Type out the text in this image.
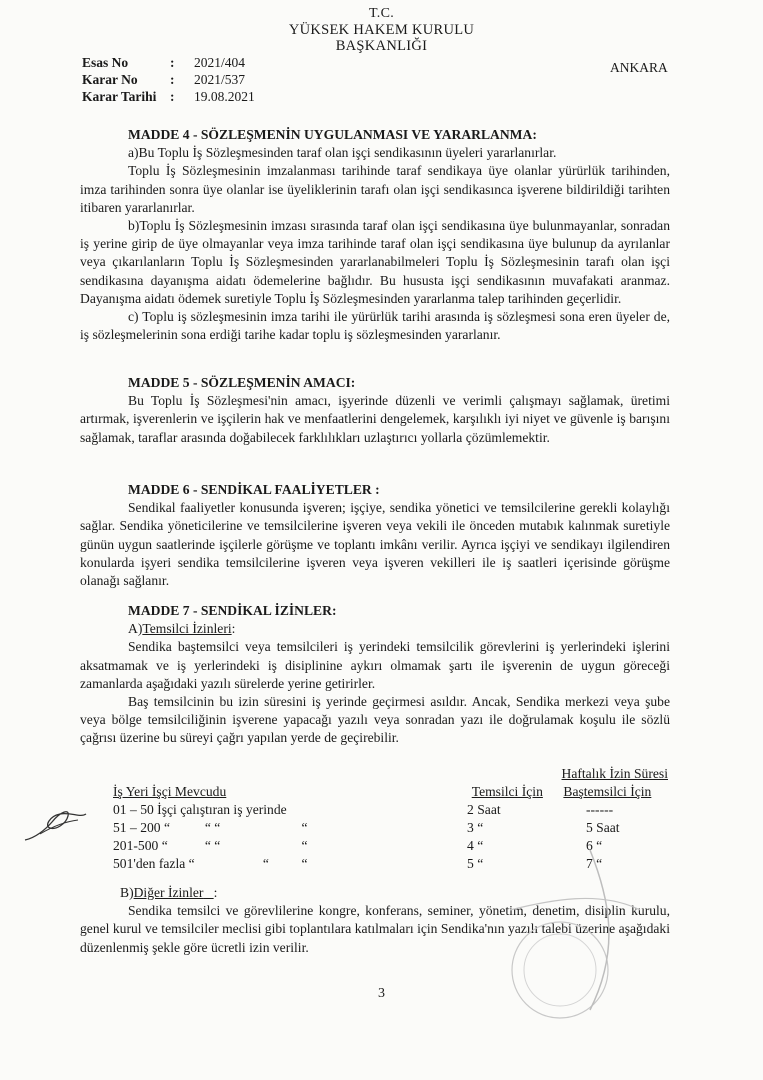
T.C.
YÜKSEK HAKEM KURULU
BAŞKANLIĞI
Esas No	:	2021/404
Karar No	:	2021/537
Karar Tarihi	:	19.08.2021
ANKARA

MADDE 4 - SÖZLEŞMENİN UYGULANMASI VE YARARLANMA:

a)Bu Toplu İş Sözleşmesinden taraf olan işçi sendikasının üyeleri yararlanırlar.

Toplu İş Sözleşmesinin imzalanması tarihinde taraf sendikaya üye olanlar yürürlük tarihinden, imza tarihinden sonra üye olanlar ise üyeliklerinin tarafı olan işçi sendikasınca işverene bildirildiği tarihten itibaren yararlanırlar.

b)Toplu İş Sözleşmesinin imzası sırasında taraf olan işçi sendikasına üye bulunmayanlar, sonradan iş yerine girip de üye olmayanlar veya imza tarihinde taraf olan işçi sendikasına üye bulunup da ayrılanlar veya çıkarılanların Toplu İş Sözleşmesinden yararlanabilmeleri Toplu İş Sözleşmesinin tarafı olan işçi sendikasına dayanışma aidatı ödemelerine bağlıdır. Bu hususta işçi sendikasının muvafakati aranmaz. Dayanışma aidatı ödemek suretiyle Toplu İş Sözleşmesinden yararlanma talep tarihinden geçerlidir.

c) Toplu iş sözleşmesinin imza tarihi ile yürürlük tarihi arasında iş sözleşmesi sona eren üyeler de, iş sözleşmelerinin sona erdiği tarihe kadar toplu iş sözleşmesinden yararlanır.

MADDE 5 - SÖZLEŞMENİN AMACI:

Bu Toplu İş Sözleşmesi'nin amacı, işyerinde düzenli ve verimli çalışmayı sağlamak, üretimi artırmak, işverenlerin ve işçilerin hak ve menfaatlerini dengelemek, karşılıklı iyi niyet ve güvenle iş barışını sağlamak, taraflar arasında doğabilecek farklılıkları uzlaştırıcı yollarla çözümlemektir.

MADDE 6 - SENDİKAL FAALİYETLER :

Sendikal faaliyetler konusunda işveren; işçiye, sendika yönetici ve temsilcilerine gerekli kolaylığı sağlar. Sendika yöneticilerine ve temsilcilerine işveren veya vekili ile önceden mutabık kalınmak suretiyle günün uygun saatlerinde işçilerle görüşme ve toplantı imkânı verilir. Ayrıca işçiyi ve sendikayı ilgilendiren konularda işyeri sendika temsilcilerine işveren veya işveren vekilleri ile iş saatleri içerisinde görüşme olanağı sağlanır.

MADDE 7 - SENDİKAL İZİNLER:

A)Temsilci İzinleri:

Sendika baştemsilci veya temsilcileri iş yerindeki temsilcilik görevlerini iş yerlerindeki işlerini aksatmamak ve iş yerlerindeki iş disiplinine aykırı olmamak şartı ile işverenin de uygun göreceği zamanlarda aşağıdaki yazılı sürelerde yerine getirirler.

Baş temsilcinin bu izin süresini iş yerinde geçirmesi asıldır. Ancak, Sendika merkezi veya şube veya bölge temsilciliğinin işverene yapacağı yazılı veya sonradan yazı ile doğrulamak koşulu ile sözlü çağrısı üzerine bu süreyi çağrı yapılan yerde de geçirebilir.

Haftalık İzin Süresi
İş Yeri İşçi Mevcudu	Temsilci İçin	Baştemsilci İçin
01 – 50 İşçi çalıştıran iş yerinde	2 Saat	------
51 – 200 “	“ “	“	3 “	5 Saat
201-500 “	“ “	“	4 “	6 “
501'den fazla “	“	“	5 “	7 “

B)Diğer İzinler :

Sendika temsilci ve görevlilerine kongre, konferans, seminer, yönetim, denetim, disiplin kurulu, genel kurul ve temsilciler meclisi gibi toplantılara katılmaları için Sendika'nın yazılı talebi üzerine aşağıdaki düzenlenmiş şekle göre ücretli izin verilir.

3
